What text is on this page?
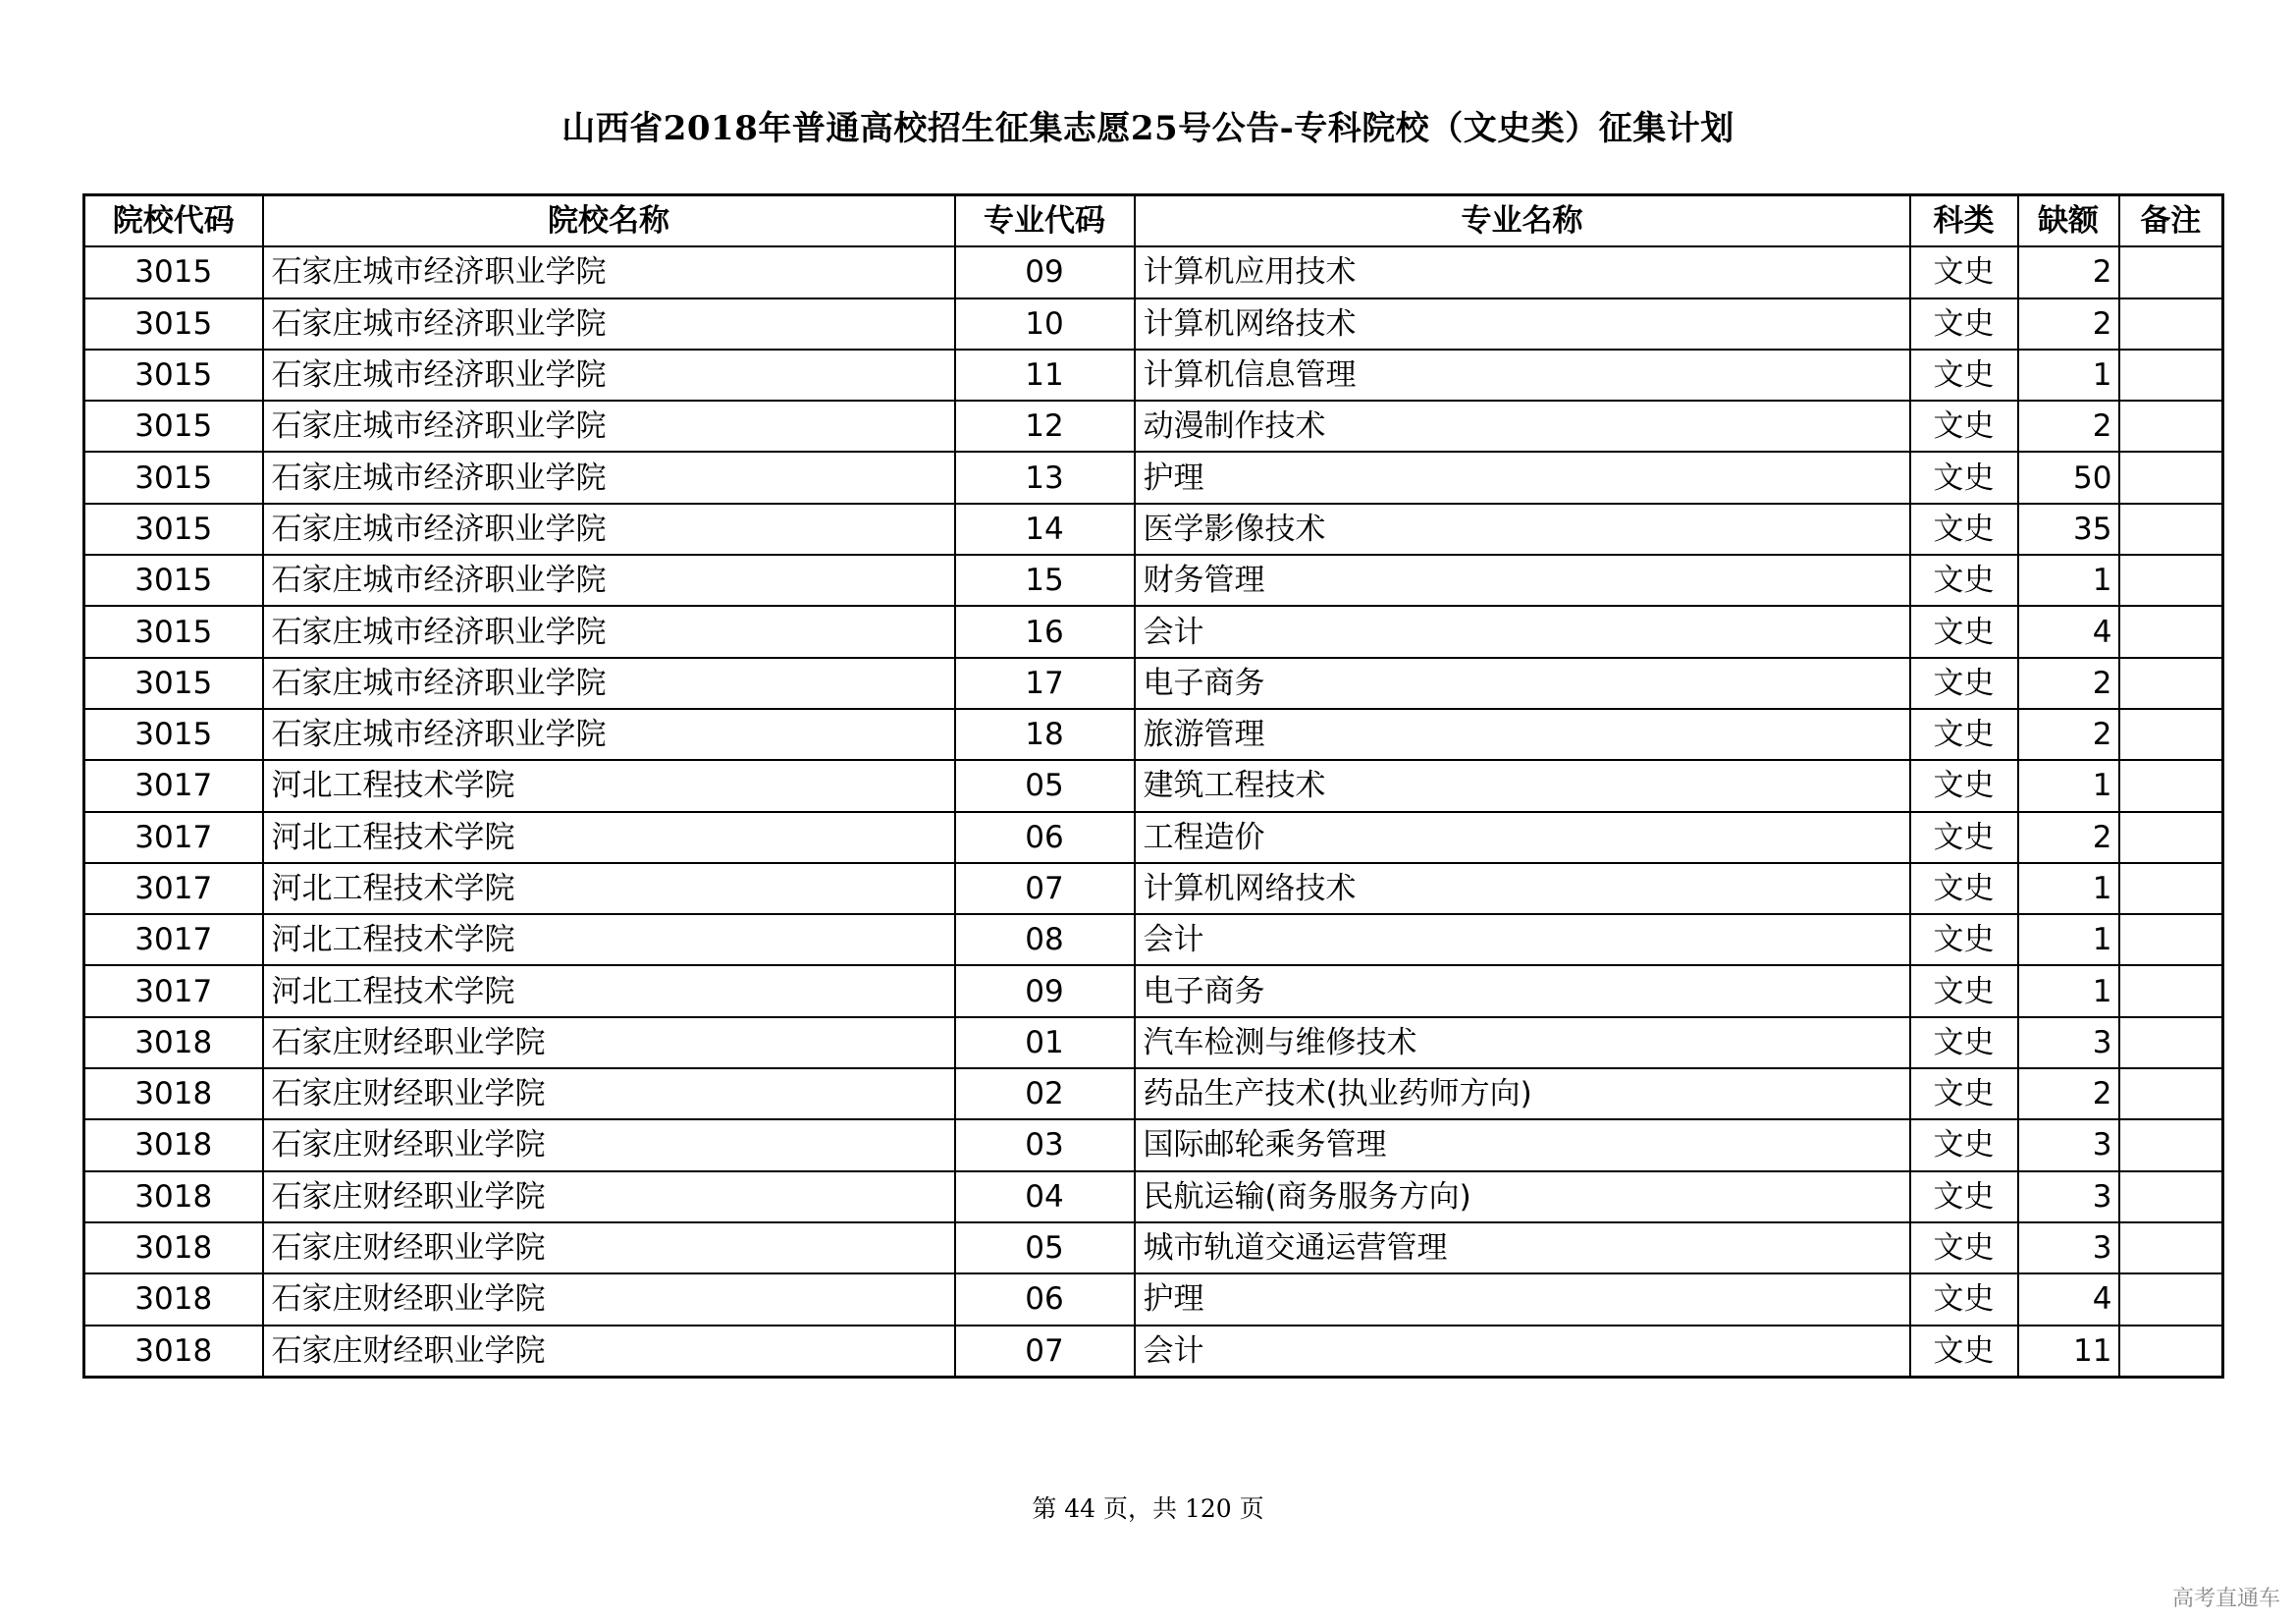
山西省2018年普通高校招生征集志愿25号公告-专科院校（文史类）征集计划
院校代码	院校名称	专业代码	专业名称	科类	缺额	备注
3015	石家庄城市经济职业学院	09	计算机应用技术	文史	2	
3015	石家庄城市经济职业学院	10	计算机网络技术	文史	2	
3015	石家庄城市经济职业学院	11	计算机信息管理	文史	1	
3015	石家庄城市经济职业学院	12	动漫制作技术	文史	2	
3015	石家庄城市经济职业学院	13	护理	文史	50	
3015	石家庄城市经济职业学院	14	医学影像技术	文史	35	
3015	石家庄城市经济职业学院	15	财务管理	文史	1	
3015	石家庄城市经济职业学院	16	会计	文史	4	
3015	石家庄城市经济职业学院	17	电子商务	文史	2	
3015	石家庄城市经济职业学院	18	旅游管理	文史	2	
3017	河北工程技术学院	05	建筑工程技术	文史	1	
3017	河北工程技术学院	06	工程造价	文史	2	
3017	河北工程技术学院	07	计算机网络技术	文史	1	
3017	河北工程技术学院	08	会计	文史	1	
3017	河北工程技术学院	09	电子商务	文史	1	
3018	石家庄财经职业学院	01	汽车检测与维修技术	文史	3	
3018	石家庄财经职业学院	02	药品生产技术(执业药师方向)	文史	2	
3018	石家庄财经职业学院	03	国际邮轮乘务管理	文史	3	
3018	石家庄财经职业学院	04	民航运输(商务服务方向)	文史	3	
3018	石家庄财经职业学院	05	城市轨道交通运营管理	文史	3	
3018	石家庄财经职业学院	06	护理	文史	4	
3018	石家庄财经职业学院	07	会计	文史	11	
第 44 页，共 120 页
高考直通车
